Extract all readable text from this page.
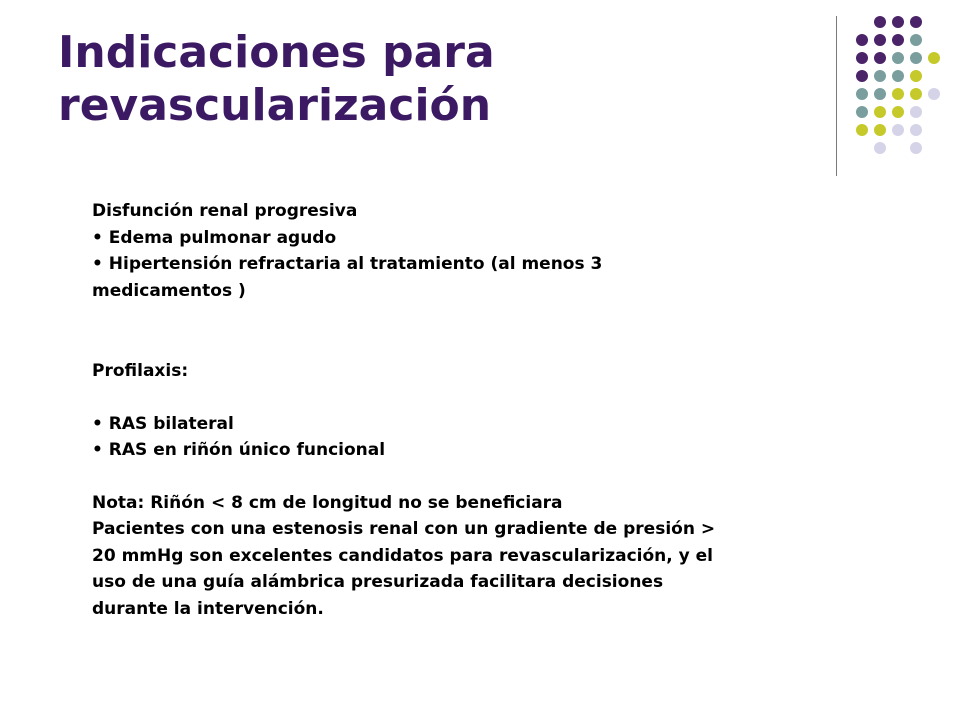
Indicaciones para
revascularización
Disfunción renal progresiva
• Edema pulmonar agudo
• Hipertensión refractaria al tratamiento (al menos 3
medicamentos )
Profilaxis:
• RAS bilateral
• RAS en riñón único funcional
Nota: Riñón < 8 cm de longitud no se beneficiara
Pacientes con una estenosis renal con un gradiente de presión >
20 mmHg son excelentes candidatos para revascularización, y el
uso de una guía alámbrica presurizada facilitara decisiones
durante la intervención.
